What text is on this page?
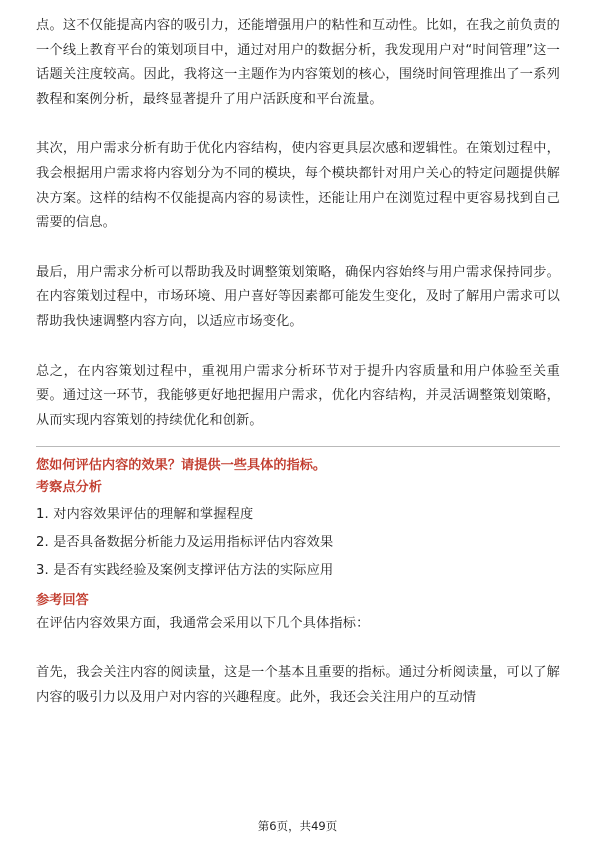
点。这不仅能提高内容的吸引力，还能增强用户的粘性和互动性。比如，在我之前负责的一个线上教育平台的策划项目中，通过对用户的数据分析，我发现用户对“时间管理”这一话题关注度较高。因此，我将这一主题作为内容策划的核心，围绕时间管理推出了一系列教程和案例分析，最终显著提升了用户活跃度和平台流量。

其次，用户需求分析有助于优化内容结构，使内容更具层次感和逻辑性。在策划过程中，我会根据用户需求将内容划分为不同的模块，每个模块都针对用户关心的特定问题提供解决方案。这样的结构不仅能提高内容的易读性，还能让用户在浏览过程中更容易找到自己需要的信息。

最后，用户需求分析可以帮助我及时调整策划策略，确保内容始终与用户需求保持同步。在内容策划过程中，市场环境、用户喜好等因素都可能发生变化，及时了解用户需求可以帮助我快速调整内容方向，以适应市场变化。

总之，在内容策划过程中，重视用户需求分析环节对于提升内容质量和用户体验至关重要。通过这一环节，我能够更好地把握用户需求，优化内容结构，并灵活调整策划策略，从而实现内容策划的持续优化和创新。

您如何评估内容的效果？请提供一些具体的指标。

考察点分析

1. 对内容效果评估的理解和掌握程度
2. 是否具备数据分析能力及运用指标评估内容效果
3. 是否有实践经验及案例支撑评估方法的实际应用

参考回答

在评估内容效果方面，我通常会采用以下几个具体指标：

首先，我会关注内容的阅读量，这是一个基本且重要的指标。通过分析阅读量，可以了解内容的吸引力以及用户对内容的兴趣程度。此外，我还会关注用户的互动情

第6页，共49页
